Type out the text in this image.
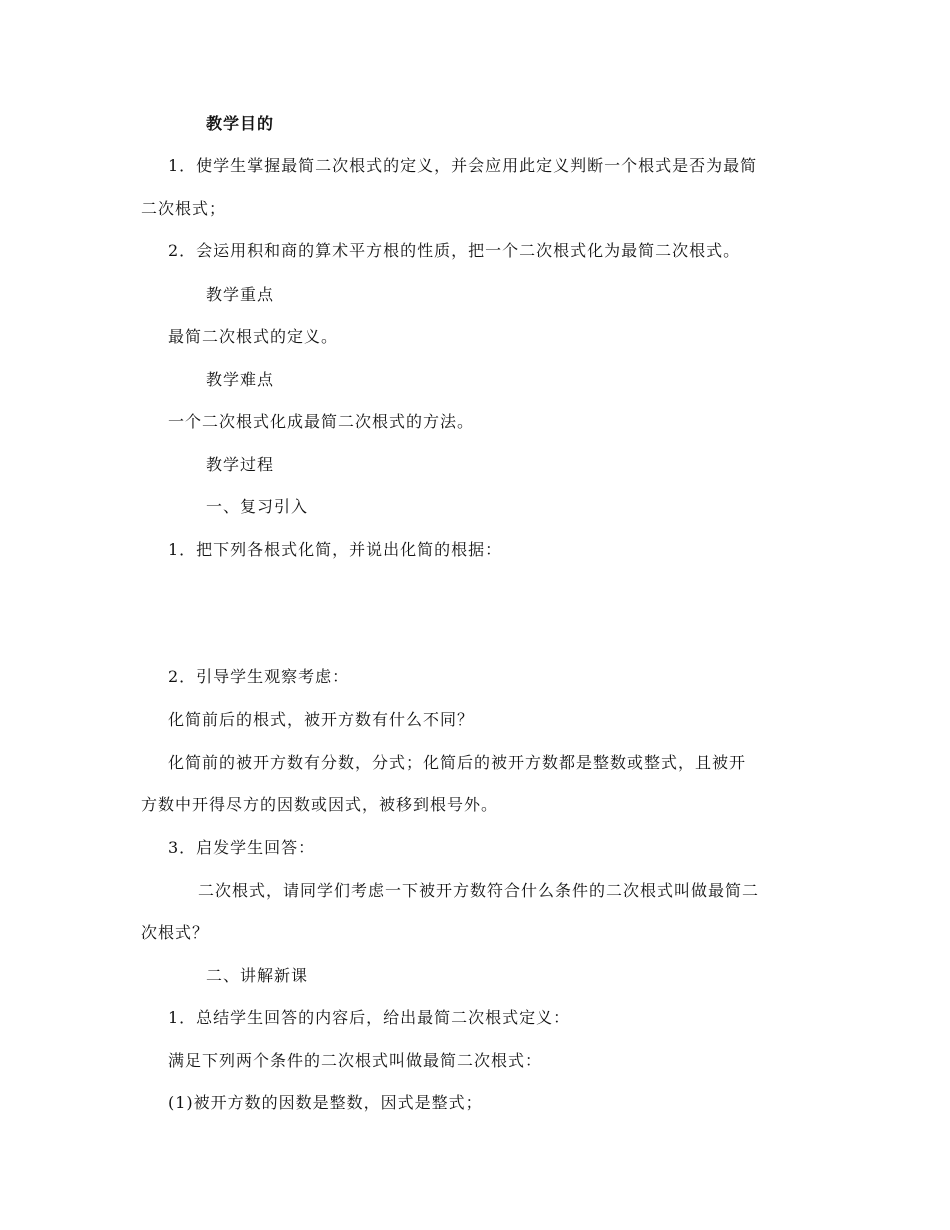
教学目的
1．使学生掌握最简二次根式的定义，并会应用此定义判断一个根式是否为最简
二次根式；
2．会运用积和商的算术平方根的性质，把一个二次根式化为最简二次根式。
教学重点
最简二次根式的定义。
教学难点
一个二次根式化成最简二次根式的方法。
教学过程
一、复习引入
1．把下列各根式化简，并说出化简的根据：
2．引导学生观察考虑：
化简前后的根式，被开方数有什么不同？
化简前的被开方数有分数，分式；化简后的被开方数都是整数或整式，且被开
方数中开得尽方的因数或因式，被移到根号外。
3．启发学生回答：
二次根式，请同学们考虑一下被开方数符合什么条件的二次根式叫做最简二
次根式？
二、讲解新课
1．总结学生回答的内容后，给出最简二次根式定义：
满足下列两个条件的二次根式叫做最简二次根式：
(1)被开方数的因数是整数，因式是整式；
